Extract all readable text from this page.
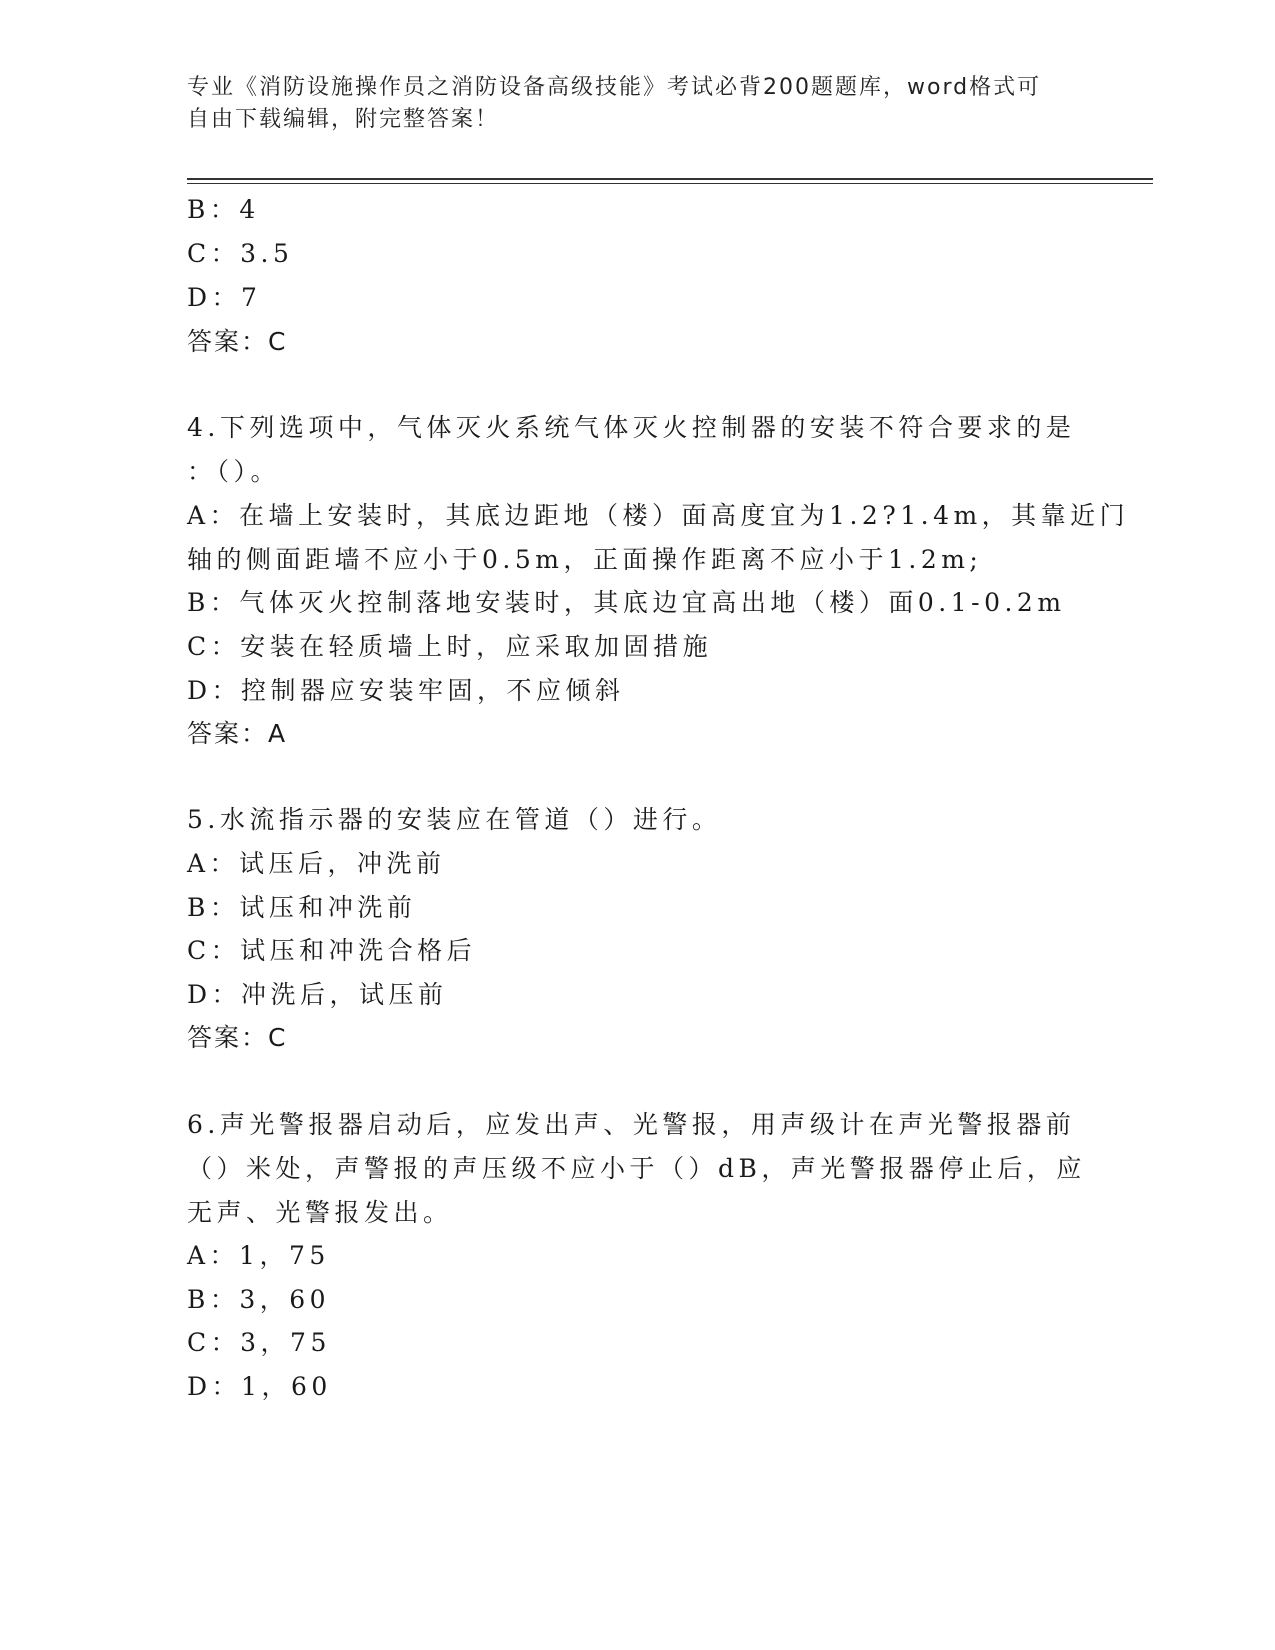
专业《消防设施操作员之消防设备高级技能》考试必背200题题库，word格式可
自由下载编辑，附完整答案！
B：4
C：3.5
D：7
答案：C
4.下列选项中，气体灭火系统气体灭火控制器的安装不符合要求的是
：（）。
A：在墙上安装时，其底边距地（楼）面高度宜为1.2?1.4m，其靠近门
轴的侧面距墙不应小于0.5m，正面操作距离不应小于1.2m;
B：气体灭火控制落地安装时，其底边宜高出地（楼）面0.1-0.2m
C：安装在轻质墙上时，应采取加固措施
D：控制器应安装牢固，不应倾斜
答案：A
5.水流指示器的安装应在管道（）进行。
A：试压后，冲洗前
B：试压和冲洗前
C：试压和冲洗合格后
D：冲洗后，试压前
答案：C
6.声光警报器启动后，应发出声、光警报，用声级计在声光警报器前
（）米处，声警报的声压级不应小于（）dB，声光警报器停止后，应
无声、光警报发出。
A：1，75
B：3，60
C：3，75
D：1，60
